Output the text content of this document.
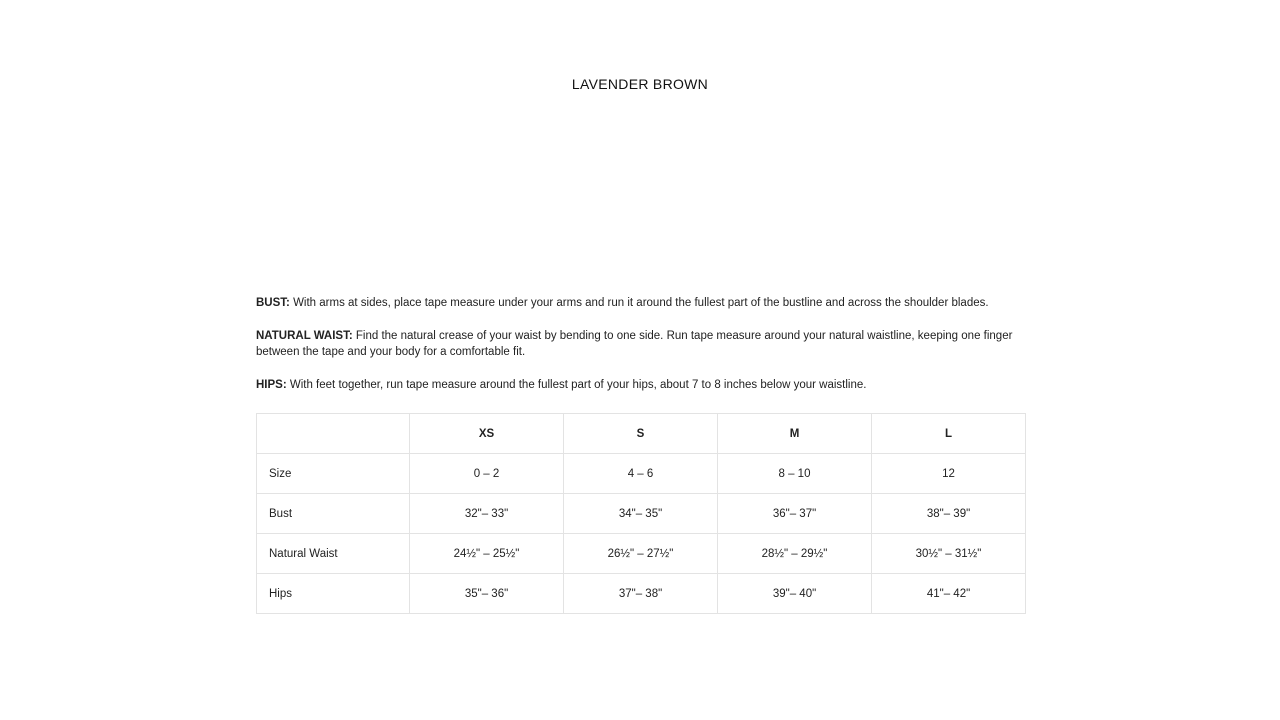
LAVENDER BROWN

BUST: With arms at sides, place tape measure under your arms and run it around the fullest part of the bustline and across the shoulder blades.

NATURAL WAIST: Find the natural crease of your waist by bending to one side. Run tape measure around your natural waistline, keeping one finger between the tape and your body for a comfortable fit.

HIPS: With feet together, run tape measure around the fullest part of your hips, about 7 to 8 inches below your waistline.

	XS	S	M	L
Size	0 – 2	4 – 6	8 – 10	12
Bust	32"– 33"	34"– 35"	36"– 37"	38"– 39"
Natural Waist	24½" – 25½"	26½" – 27½"	28½" – 29½"	30½" – 31½"
Hips	35"– 36"	37"– 38"	39"– 40"	41"– 42"
